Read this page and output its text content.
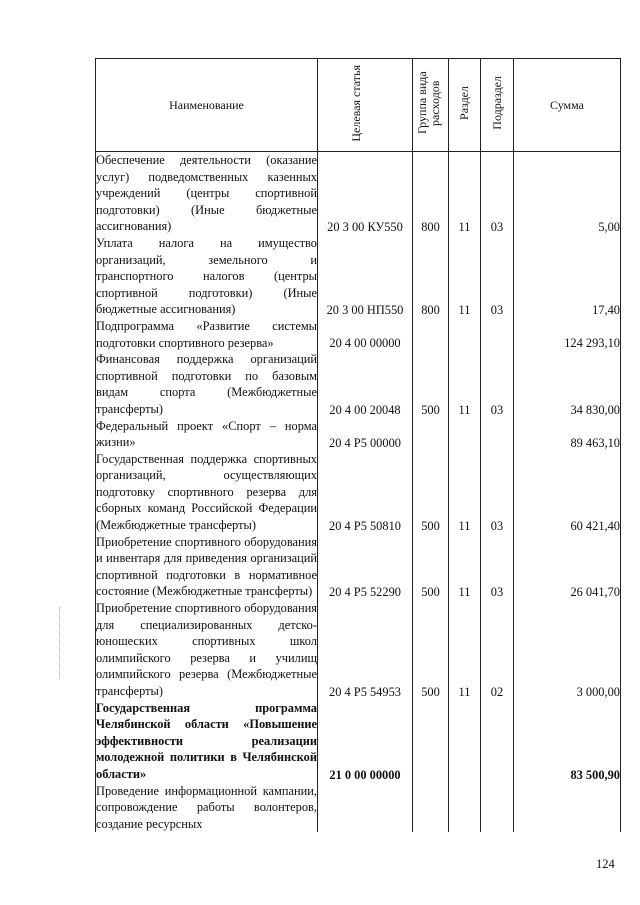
Наименование	Целевая статья	Группа вида расходов	Раздел	Подраздел	Сумма
Обеспечение деятельности (оказание услуг) подведомственных казенных учреждений (центры спортивной подготовки) (Иные бюджетные ассигнования)	20 3 00 КУ550	800	11	03	5,00
Уплата налога на имущество организаций, земельного и транспортного налогов (центры спортивной подготовки) (Иные бюджетные ассигнования)	20 3 00 НП550	800	11	03	17,40
Подпрограмма «Развитие системы подготовки спортивного резерва»	20 4 00 00000				124 293,10
Финансовая поддержка организаций спортивной подготовки по базовым видам спорта (Межбюджетные трансферты)	20 4 00 20048	500	11	03	34 830,00
Федеральный проект «Спорт – норма жизни»	20 4 P5 00000				89 463,10
Государственная поддержка спортивных организаций, осуществляющих подготовку спортивного резерва для сборных команд Российской Федерации (Межбюджетные трансферты)	20 4 P5 50810	500	11	03	60 421,40
Приобретение спортивного оборудования и инвентаря для приведения организаций спортивной подготовки в нормативное состояние (Межбюджетные трансферты)	20 4 P5 52290	500	11	03	26 041,70
Приобретение спортивного оборудования для специализированных детско-юношеских спортивных школ олимпийского резерва и училищ олимпийского резерва (Межбюджетные трансферты)	20 4 P5 54953	500	11	02	3 000,00
Государственная программа Челябинской области «Повышение эффективности реализации молодежной политики в Челябинской области»	21 0 00 00000				83 500,90
Проведение информационной кампании, сопровождение работы волонтеров, создание ресурсных					
124
